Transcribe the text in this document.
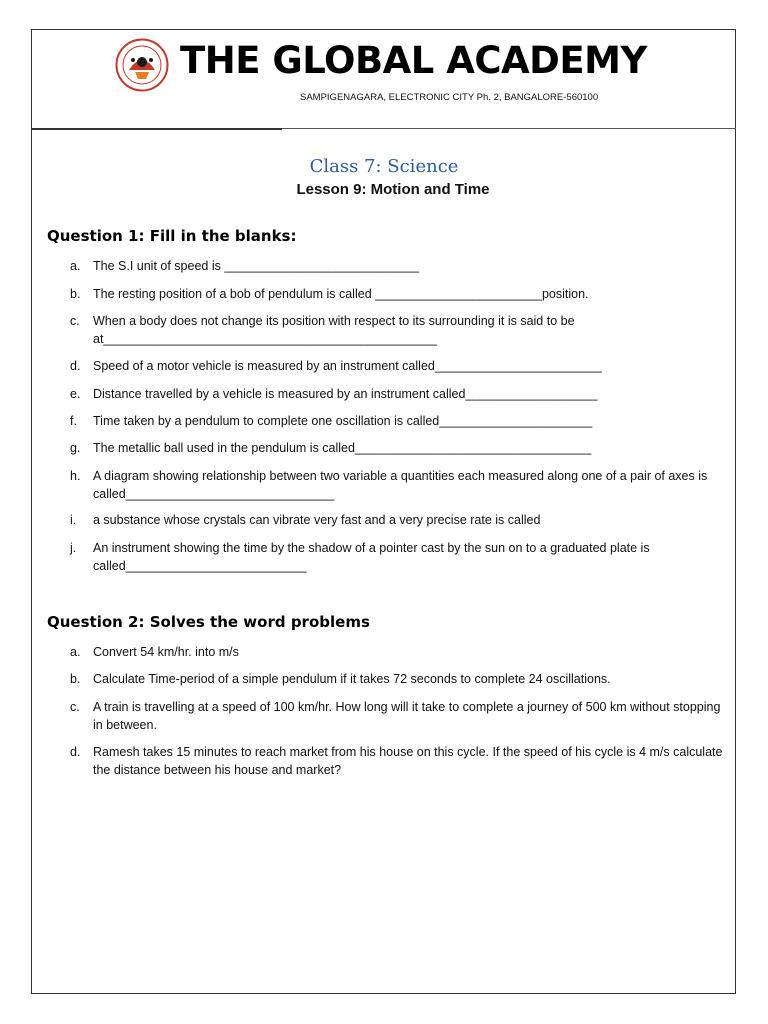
THE GLOBAL ACADEMY
SAMPIGENAGARA, ELECTRONIC CITY Ph. 2, BANGALORE-560100
Class 7: Science
Lesson 9: Motion and Time
Question 1: Fill in the blanks:
a.	The S.I unit of speed is ____________________________
b.	The resting position of a bob of pendulum is called ________________________position.
c.	When a body does not change its position with respect to its surrounding it is said to be at________________________________________________
d.	Speed of a motor vehicle is measured by an instrument called________________________
e.	Distance travelled by a vehicle is measured by an instrument called___________________
f.	Time taken by a pendulum to complete one oscillation is called______________________
g.	The metallic ball used in the pendulum is called__________________________________
h.	A diagram showing relationship between two variable a quantities each measured along one of a pair of axes is called______________________________
i.	a substance whose crystals can vibrate very fast and a very precise rate is called
j.	An instrument showing the time by the shadow of a pointer cast by the sun on to a graduated plate is called__________________________
Question 2: Solves the word problems
a.	Convert 54 km/hr. into m/s
b.	Calculate Time-period of a simple pendulum if it takes 72 seconds to complete 24 oscillations.
c.	A train is travelling at a speed of 100 km/hr. How long will it take to complete a journey of 500 km without stopping in between.
d.	Ramesh takes 15 minutes to reach market from his house on this cycle. If the speed of his cycle is 4 m/s calculate the distance between his house and market?
